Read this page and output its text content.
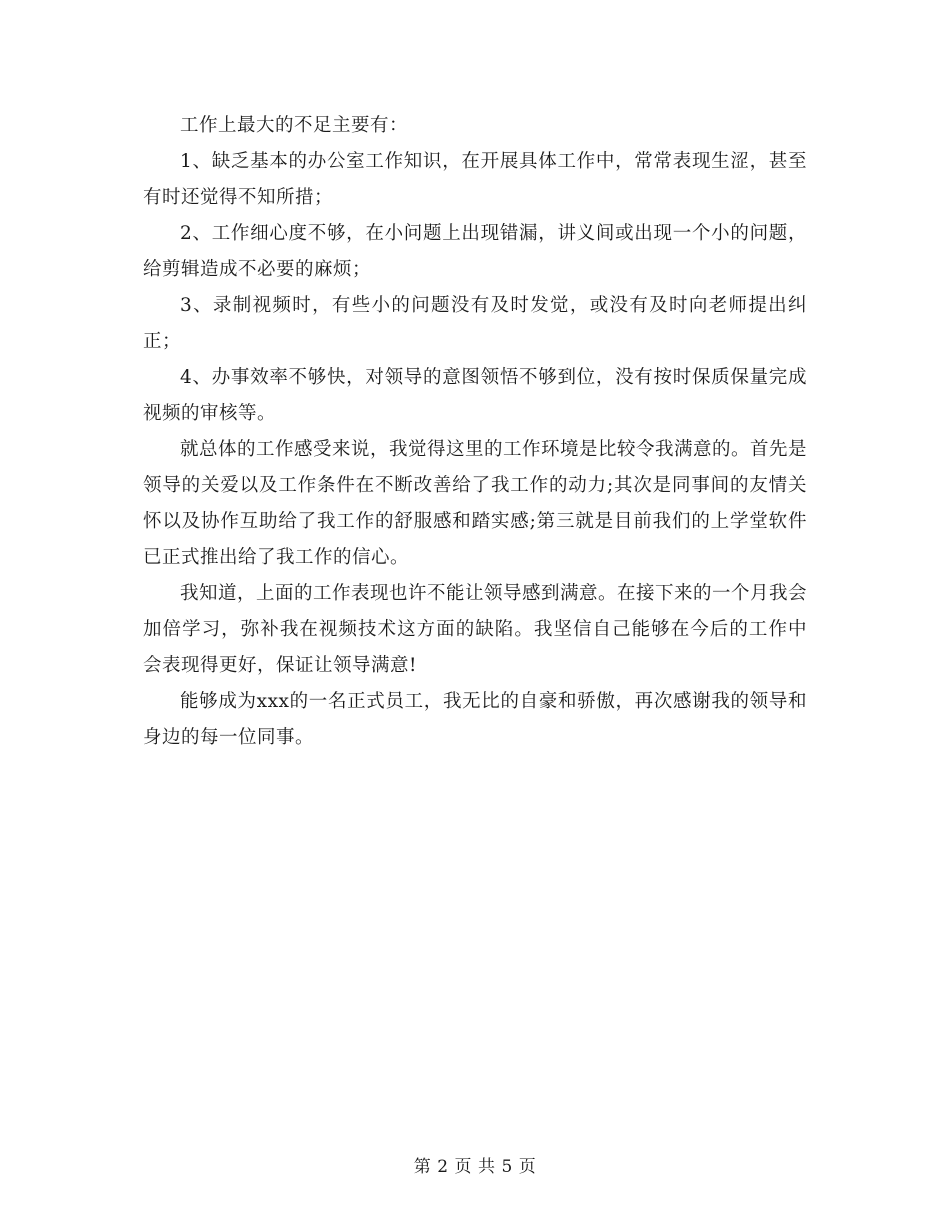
工作上最大的不足主要有：

1、缺乏基本的办公室工作知识，在开展具体工作中，常常表现生涩，甚至有时还觉得不知所措；

2、工作细心度不够，在小问题上出现错漏，讲义间或出现一个小的问题，给剪辑造成不必要的麻烦；

3、录制视频时，有些小的问题没有及时发觉，或没有及时向老师提出纠正；

4、办事效率不够快，对领导的意图领悟不够到位，没有按时保质保量完成视频的审核等。

就总体的工作感受来说，我觉得这里的工作环境是比较令我满意的。首先是领导的关爱以及工作条件在不断改善给了我工作的动力;其次是同事间的友情关怀以及协作互助给了我工作的舒服感和踏实感;第三就是目前我们的上学堂软件已正式推出给了我工作的信心。

我知道，上面的工作表现也许不能让领导感到满意。在接下来的一个月我会加倍学习，弥补我在视频技术这方面的缺陷。我坚信自己能够在今后的工作中会表现得更好，保证让领导满意!

能够成为xxx的一名正式员工，我无比的自豪和骄傲，再次感谢我的领导和身边的每一位同事。

第 2 页 共 5 页
